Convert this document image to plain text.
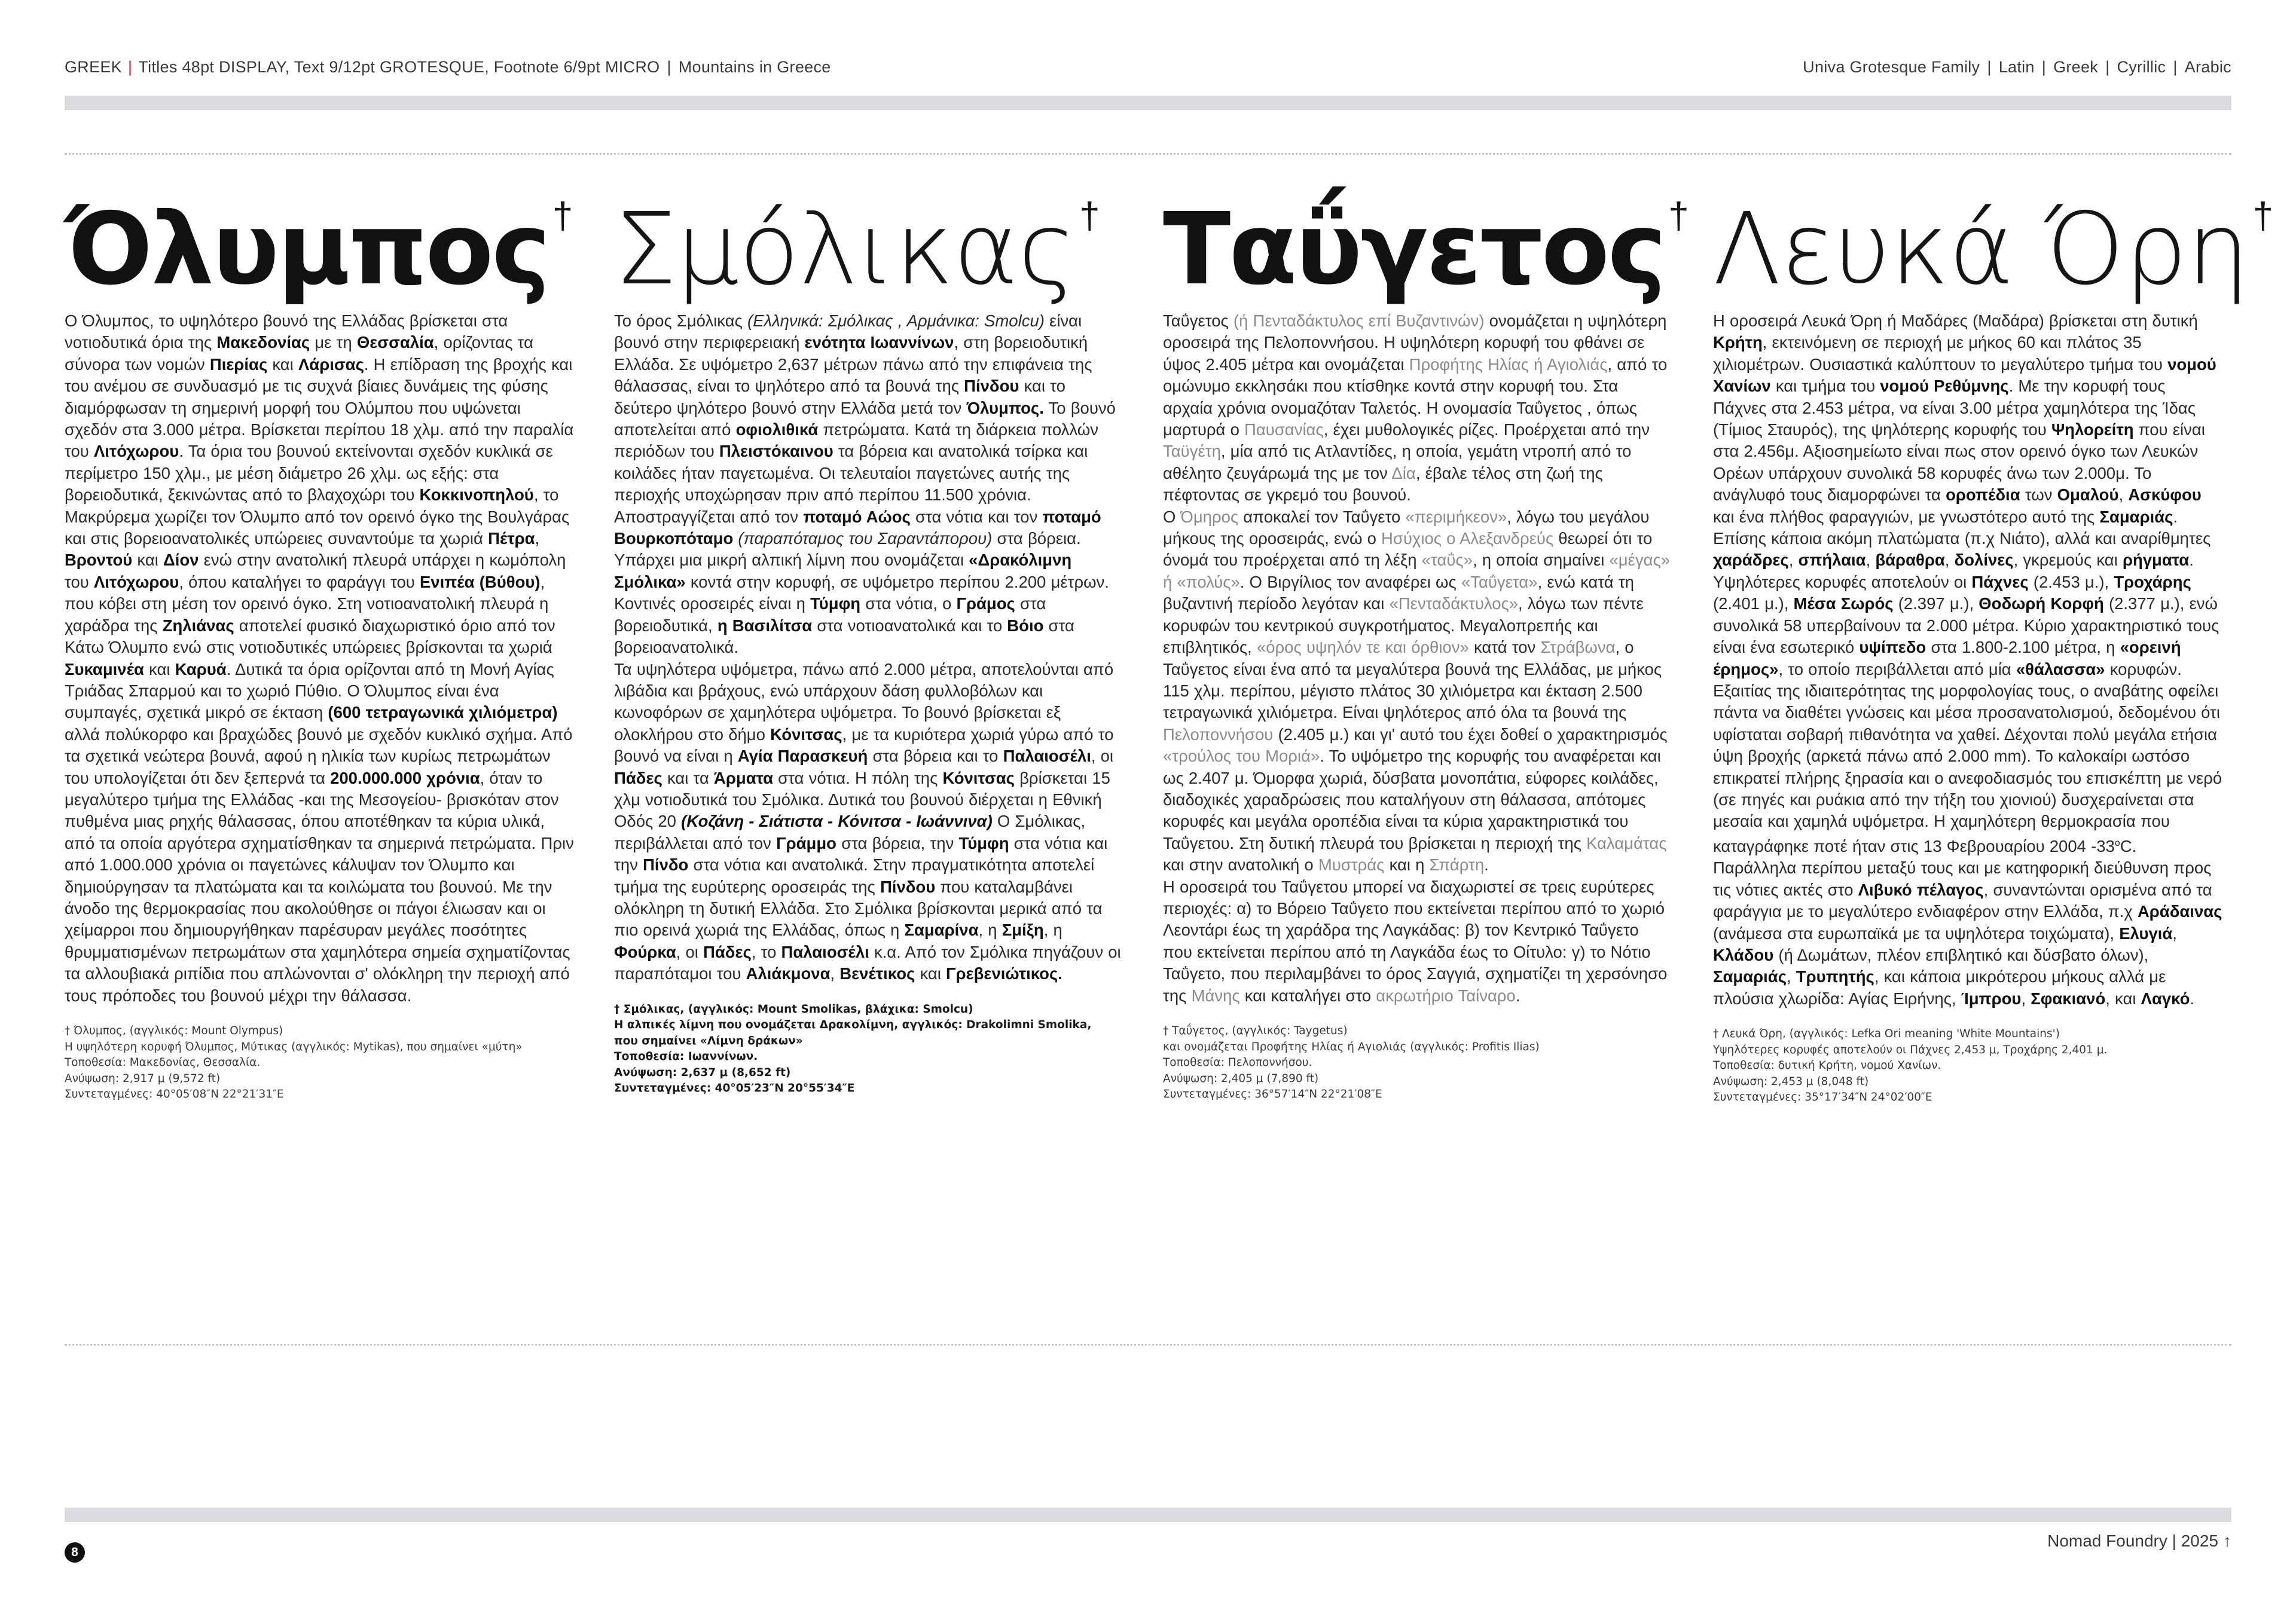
GREEK | Titles 48pt DISPLAY, Text 9/12pt GROTESQUE, Footnote 6/9pt MICRO | Mountains in Greece	Univa Grotesque Family | Latin | Greek | Cyrillic | Arabic
Όλυμπος†

Ο Όλυμπος, το υψηλότερο βουνό της Ελλάδας βρίσκεται στα νοτιοδυτικά όρια της Μακεδονίας με τη Θεσσαλία, ορίζοντας τα σύνορα των νομών Πιερίας και Λάρισας. Η επίδραση της βροχής και του ανέμου σε συνδυασμό με τις συχνά βίαιες δυνάμεις της φύσης διαμόρφωσαν τη σημερινή μορφή του Ολύμπου που υψώνεται σχεδόν στα 3.000 μέτρα. Βρίσκεται περίπου 18 χλμ. από την παραλία του Λιτόχωρου. Τα όρια του βουνού εκτείνονται σχεδόν κυκλικά σε περίμετρο 150 χλμ., με μέση διάμετρο 26 χλμ. ως εξής: στα βορειοδυτικά, ξεκινώντας από το βλαχοχώρι του Κοκκινοπηλού, το Μακρύρεμα χωρίζει τον Όλυμπο από τον ορεινό όγκο της Βουλγάρας και στις βορειοανατολικές υπώρειες συναντούμε τα χωριά Πέτρα, Βροντού και Δίον ενώ στην ανατολική πλευρά υπάρχει η κωμόπολη του Λιτόχωρου, όπου καταλήγει το φαράγγι του Ενιπέα (Βύθου), που κόβει στη μέση τον ορεινό όγκο. Στη νοτιοανατολική πλευρά η χαράδρα της Ζηλιάνας αποτελεί φυσικό διαχωριστικό όριο από τον Κάτω Όλυμπο ενώ στις νοτιοδυτικές υπώρειες βρίσκονται τα χωριά Συκαμινέα και Καρυά. Δυτικά τα όρια ορίζονται από τη Μονή Αγίας Τριάδας Σπαρμού και το χωριό Πύθιο. Ο Όλυμπος είναι ένα συμπαγές, σχετικά μικρό σε έκταση (600 τετραγωνικά χιλιόμετρα) αλλά πολύκορφο και βραχώδες βουνό με σχεδόν κυκλικό σχήμα. Από τα σχετικά νεώτερα βουνά, αφού η ηλικία των κυρίως πετρωμάτων του υπολογίζεται ότι δεν ξεπερνά τα 200.000.000 χρόνια, όταν το μεγαλύτερο τμήμα της Ελλάδας -και της Μεσογείου- βρισκόταν στον πυθμένα μιας ρηχής θάλασσας, όπου αποτέθηκαν τα κύρια υλικά, από τα οποία αργότερα σχηματίσθηκαν τα σημερινά πετρώματα. Πριν από 1.000.000 χρόνια οι παγετώνες κάλυψαν τον Όλυμπο και δημιούργησαν τα πλατώματα και τα κοιλώματα του βουνού. Με την άνοδο της θερμοκρασίας που ακολούθησε οι πάγοι έλιωσαν και οι χείμαρροι που δημιουργήθηκαν παρέσυραν μεγάλες ποσότητες θρυμματισμένων πετρωμάτων στα χαμηλότερα σημεία σχηματίζοντας τα αλλουβιακά ριπίδια που απλώνονται σ' ολόκληρη την περιοχή από τους πρόποδες του βουνού μέχρι την θάλασσα.

† Όλυμπος, (αγγλικός: Mount Olympus)
Η υψηλότερη κορυφή Όλυμπος, Μύτικας (αγγλικός: Mytikas), που σημαίνει «μύτη»
Τοποθεσία: Μακεδονίας, Θεσσαλία.
Ανύψωση: 2,917 μ (9,572 ft)
Συντεταγμένες: 40°05′08″N 22°21′31″E
Σμόλικας†

Το όρος Σμόλικας (Ελληνικά: Σμόλικας , Αρμάνικα: Smolcu) είναι βουνό στην περιφερειακή ενότητα Ιωαννίνων, στη βορειοδυτική Ελλάδα. Σε υψόμετρο 2,637 μέτρων πάνω από την επιφάνεια της θάλασσας, είναι το ψηλότερο από τα βουνά της Πίνδου και το δεύτερο ψηλότερο βουνό στην Ελλάδα μετά τον Όλυμπος. Το βουνό αποτελείται από οφιολιθικά πετρώματα. Κατά τη διάρκεια πολλών περιόδων του Πλειστόκαινου τα βόρεια και ανατολικά τσίρκα και κοιλάδες ήταν παγετωμένα. Οι τελευταίοι παγετώνες αυτής της περιοχής υποχώρησαν πριν από περίπου 11.500 χρόνια. Αποστραγγίζεται από τον ποταμό Αώος στα νότια και τον ποταμό Βουρκοπόταμο (παραπόταμος του Σαραντάπορου) στα βόρεια. Υπάρχει μια μικρή αλπική λίμνη που ονομάζεται «Δρακόλιμνη Σμόλικα» κοντά στην κορυφή, σε υψόμετρο περίπου 2.200 μέτρων. Κοντινές οροσειρές είναι η Τύμφη στα νότια, ο Γράμος στα βορειοδυτικά, η Βασιλίτσα στα νοτιοανατολικά και το Βόιο στα βορειοανατολικά.
Τα υψηλότερα υψόμετρα, πάνω από 2.000 μέτρα, αποτελούνται από λιβάδια και βράχους, ενώ υπάρχουν δάση φυλλοβόλων και κωνοφόρων σε χαμηλότερα υψόμετρα. Το βουνό βρίσκεται εξ ολοκλήρου στο δήμο Κόνιτσας, με τα κυριότερα χωριά γύρω από το βουνό να είναι η Αγία Παρασκευή στα βόρεια και το Παλαιοσέλι, οι Πάδες και τα Άρματα στα νότια. Η πόλη της Κόνιτσας βρίσκεται 15 χλμ νοτιοδυτικά του Σμόλικα. Δυτικά του βουνού διέρχεται η Εθνική Οδός 20 (Κοζάνη - Σιάτιστα - Κόνιτσα - Ιωάννινα) Ο Σμόλικας, περιβάλλεται από τον Γράμμο στα βόρεια, την Τύμφη στα νότια και την Πίνδο στα νότια και ανατολικά. Στην πραγματικότητα αποτελεί τμήμα της ευρύτερης οροσειράς της Πίνδου που καταλαμβάνει ολόκληρη τη δυτική Ελλάδα. Στο Σμόλικα βρίσκονται μερικά από τα πιο ορεινά χωριά της Ελλάδας, όπως η Σαμαρίνα, η Σμίξη, η Φούρκα, οι Πάδες, το Παλαιοσέλι κ.α. Από τον Σμόλικα πηγάζουν οι παραπόταμοι του Αλιάκμονα, Βενέτικος και Γρεβενιώτικος.

† Σμόλικας, (αγγλικός: Mount Smolikas, βλάχικα: Smolcu)
Η αλπικές λίμνη που ονομάζεται Δρακολίμνη, αγγλικός: Drakolimni Smolika,
που σημαίνει «Λίμνη δράκων»
Τοποθεσία: Ιωαννίνων.
Ανύψωση: 2,637 μ (8,652 ft)
Συντεταγμένες: 40°05′23″N 20°55′34″E
Ταΰγετος†

Ταΰγετος (ή Πενταδάκτυλος επί Βυζαντινών) ονομάζεται η υψηλότερη οροσειρά της Πελοποννήσου. Η υψηλότερη κορυφή του φθάνει σε ύψος 2.405 μέτρα και ονομάζεται Προφήτης Ηλίας ή Αγιολιάς, από το ομώνυμο εκκλησάκι που κτίσθηκε κοντά στην κορυφή του. Στα αρχαία χρόνια ονομαζόταν Ταλετός. Η ονομασία Ταΰγετος , όπως μαρτυρά ο Παυσανίας, έχει μυθολογικές ρίζες. Προέρχεται από την Ταϋγέτη, μία από τις Ατλαντίδες, η οποία, γεμάτη ντροπή από το αθέλητο ζευγάρωμά της με τον Δία, έβαλε τέλος στη ζωή της πέφτοντας σε γκρεμό του βουνού.
Ο Όμηρος αποκαλεί τον Ταΰγετο «περιμήκεον», λόγω του μεγάλου μήκους της οροσειράς, ενώ ο Ησύχιος ο Αλεξανδρεύς θεωρεί ότι το όνομά του προέρχεται από τη λέξη «ταΰς», η οποία σημαίνει «μέγας» ή «πολύς». Ο Βιργίλιος τον αναφέρει ως «Ταΰγετα», ενώ κατά τη βυζαντινή περίοδο λεγόταν και «Πενταδάκτυλος», λόγω των πέντε κορυφών του κεντρικού συγκροτήματος. Μεγαλοπρεπής και επιβλητικός, «όρος υψηλόν τε και όρθιον» κατά τον Στράβωνα, ο Ταΰγετος είναι ένα από τα μεγαλύτερα βουνά της Ελλάδας, με μήκος 115 χλμ. περίπου, μέγιστο πλάτος 30 χιλιόμετρα και έκταση 2.500 τετραγωνικά χιλιόμετρα. Είναι ψηλότερος από όλα τα βουνά της Πελοποννήσου (2.405 μ.) και γι' αυτό του έχει δοθεί ο χαρακτηρισμός «τρούλος του Μοριά». Το υψόμετρο της κορυφής του αναφέρεται και ως 2.407 μ. Όμορφα χωριά, δύσβατα μονοπάτια, εύφορες κοιλάδες, διαδοχικές χαραδρώσεις που καταλήγουν στη θάλασσα, απότομες κορυφές και μεγάλα οροπέδια είναι τα κύρια χαρακτηριστικά του Ταΰγετου. Στη δυτική πλευρά του βρίσκεται η περιοχή της Καλαμάτας και στην ανατολική ο Μυστράς και η Σπάρτη.
Η οροσειρά του Ταΰγετου μπορεί να διαχωριστεί σε τρεις ευρύτερες περιοχές: α) το Βόρειο Ταΰγετο που εκτείνεται περίπου από το χωριό Λεοντάρι έως τη χαράδρα της Λαγκάδας: β) τον Κεντρικό Ταΰγετο που εκτείνεται περίπου από τη Λαγκάδα έως το Οίτυλο: γ) το Νότιο Ταΰγετο, που περιλαμβάνει το όρος Σαγγιά, σχηματίζει τη χερσόνησο της Μάνης και καταλήγει στο ακρωτήριο Ταίναρο.

† Ταΰγετος, (αγγλικός: Taygetus)
και ονομάζεται Προφήτης Ηλίας ή Αγιολιάς (αγγλικός: Profitis Ilias)
Τοποθεσία: Πελοποννήσου.
Ανύψωση: 2,405 μ (7,890 ft)
Συντεταγμένες: 36°57′14″N 22°21′08″E
Λευκά Όρη†

Η οροσειρά Λευκά Όρη ή Μαδάρες (Μαδάρα) βρίσκεται στη δυτική Κρήτη, εκτεινόμενη σε περιοχή με μήκος 60 και πλάτος 35 χιλιομέτρων. Ουσιαστικά καλύπτουν το μεγαλύτερο τμήμα του νομού Χανίων και τμήμα του νομού Ρεθύμνης. Με την κορυφή τους Πάχνες στα 2.453 μέτρα, να είναι 3.00 μέτρα χαμηλότερα της Ίδας (Τίμιος Σταυρός), της ψηλότερης κορυφής του Ψηλορείτη που είναι στα 2.456μ. Αξιοσημείωτο είναι πως στον ορεινό όγκο των Λευκών Ορέων υπάρχουν συνολικά 58 κορυφές άνω των 2.000μ. Το ανάγλυφό τους διαμορφώνει τα οροπέδια των Ομαλού, Ασκύφου και ένα πλήθος φαραγγιών, με γνωστότερο αυτό της Σαμαριάς. Επίσης κάποια ακόμη πλατώματα (π.χ Νιάτο), αλλά και αναρίθμητες χαράδρες, σπήλαια, βάραθρα, δολίνες, γκρεμούς και ρήγματα. Υψηλότερες κορυφές αποτελούν οι Πάχνες (2.453 μ.), Τροχάρης (2.401 μ.), Μέσα Σωρός (2.397 μ.), Θοδωρή Κορφή (2.377 μ.), ενώ συνολικά 58 υπερβαίνουν τα 2.000 μέτρα. Κύριο χαρακτηριστικό τους είναι ένα εσωτερικό υψίπεδο στα 1.800-2.100 μέτρα, η «ορεινή έρημος», το οποίο περιβάλλεται από μία «θάλασσα» κορυφών. Εξαιτίας της ιδιαιτερότητας της μορφολογίας τους, ο αναβάτης οφείλει πάντα να διαθέτει γνώσεις και μέσα προσανατολισμού, δεδομένου ότι υφίσταται σοβαρή πιθανότητα να χαθεί. Δέχονται πολύ μεγάλα ετήσια ύψη βροχής (αρκετά πάνω από 2.000 mm). Το καλοκαίρι ωστόσο επικρατεί πλήρης ξηρασία και ο ανεφοδιασμός του επισκέπτη με νερό (σε πηγές και ρυάκια από την τήξη του χιονιού) δυσχεραίνεται στα μεσαία και χαμηλά υψόμετρα. Η χαμηλότερη θερμοκρασία που καταγράφηκε ποτέ ήταν στις 13 Φεβρουαρίου 2004 -33$^o$C. Παράλληλα περίπου μεταξύ τους και με κατηφορική διεύθυνση προς τις νότιες ακτές στο Λιβυκό πέλαγος, συναντώνται ορισμένα από τα φαράγγια με το μεγαλύτερο ενδιαφέρον στην Ελλάδα, π.χ Αράδαινας (ανάμεσα στα ευρωπαϊκά με τα υψηλότερα τοιχώματα), Ελυγιά, Κλάδου (ή Δωμάτων, πλέον επιβλητικό και δύσβατο όλων), Σαμαριάς, Τρυπητής, και κάποια μικρότερου μήκους αλλά με πλούσια χλωρίδα: Αγίας Ειρήνης, Ίμπρου, Σφακιανό, και Λαγκό.

† Λευκά Όρη, (αγγλικός: Lefka Ori meaning 'White Mountains')
Υψηλότερες κορυφές αποτελούν οι Πάχνες 2,453 μ, Τροχάρης 2,401 μ.
Τοποθεσία: δυτική Κρήτη, νομού Χανίων.
Ανύψωση: 2,453 μ (8,048 ft)
Συντεταγμένες: 35°17′34″N 24°02′00″E
8
Nomad Foundry | 2025 ↑
